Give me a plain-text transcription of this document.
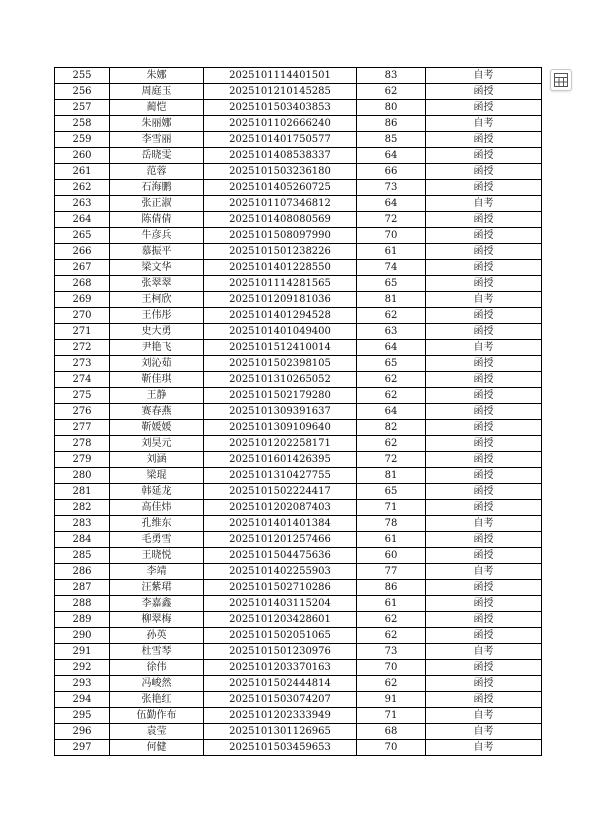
255	朱娜	2025101114401501	83	自考
256	周庭玉	2025101210145285	62	函授
257	蔺恺	2025101503403853	80	函授
258	朱丽娜	2025101102666240	86	自考
259	李雪丽	2025101401750577	85	函授
260	岳晓雯	2025101408538337	64	函授
261	范蓉	2025101503236180	66	函授
262	石海鹏	2025101405260725	73	函授
263	张正淑	2025101107346812	64	自考
264	陈倩倩	2025101408080569	72	函授
265	牛彦兵	2025101508097990	70	函授
266	慕振平	2025101501238226	61	函授
267	梁文华	2025101401228550	74	函授
268	张翠翠	2025101114281565	65	函授
269	王柯欣	2025101209181036	81	自考
270	王伟彤	2025101401294528	62	函授
271	史大勇	2025101401049400	63	函授
272	尹艳飞	2025101512410014	64	自考
273	刘沁茹	2025101502398105	65	函授
274	靳佳琪	2025101310265052	62	函授
275	王静	2025101502179280	62	函授
276	赛春燕	2025101309391637	64	函授
277	靳媛媛	2025101309109640	82	函授
278	刘昊元	2025101202258171	62	函授
279	刘涵	2025101601426395	72	函授
280	梁琨	2025101310427755	81	函授
281	韩延龙	2025101502224417	65	函授
282	高佳炜	2025101202087403	71	函授
283	孔维东	2025101401401384	78	自考
284	毛勇雪	2025101201257466	61	函授
285	王晓悦	2025101504475636	60	函授
286	李靖	2025101402255903	77	自考
287	汪紫珺	2025101502710286	86	函授
288	李嘉鑫	2025101403115204	61	函授
289	柳翠梅	2025101203428601	62	函授
290	孙英	2025101502051065	62	函授
291	杜雪琴	2025101501230976	73	自考
292	徐伟	2025101203370163	70	函授
293	冯峻然	2025101502444814	62	函授
294	张艳红	2025101503074207	91	函授
295	伍勤作布	2025101202333949	71	自考
296	袁莹	2025101301126965	68	自考
297	何健	2025101503459653	70	自考
